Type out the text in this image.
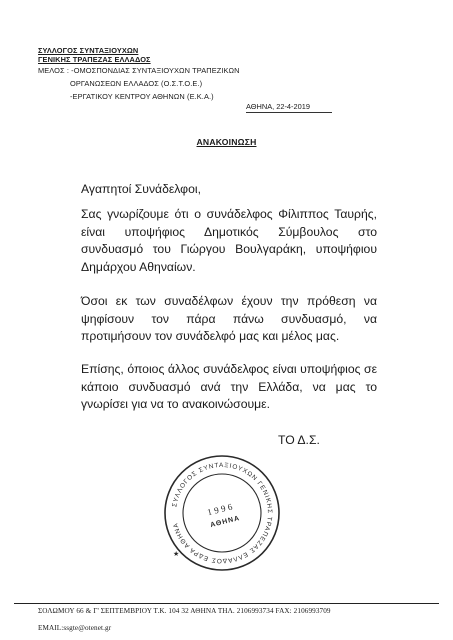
ΣΥΛΛΟΓΟΣ ΣΥΝΤΑΞΙΟΥΧΩΝ
ΓΕΝΙΚΗΣ ΤΡΑΠΕΖΑΣ ΕΛΛΑΔΟΣ
ΜΕΛΟΣ : -ΟΜΟΣΠΟΝΔΙΑΣ ΣΥΝΤΑΞΙΟΥΧΩΝ ΤΡΑΠΕΖΙΚΩΝ
ΟΡΓΑΝΩΣΕΩΝ ΕΛΛΑΔΟΣ (Ο.Σ.Τ.Ο.Ε.)
-ΕΡΓΑΤΙΚΟΥ ΚΕΝΤΡΟΥ ΑΘΗΝΩΝ (Ε.Κ.Α.)
ΑΘΗΝΑ, 22-4-2019
ΑΝΑΚΟΙΝΩΣΗ
Αγαπητοί Συνάδελφοι,
Σας γνωρίζουμε ότι ο συνάδελφος Φίλιππος Ταυρής, είναι υποψήφιος Δημοτικός Σύμβουλος στο συνδυασμό του Γιώργου Βουλγαράκη, υποψήφιου Δημάρχου Αθηναίων.
Όσοι εκ των συναδέλφων έχουν την πρόθεση να ψηφίσουν τον πάρα πάνω συνδυασμό, να προτιμήσουν τον συνάδελφό μας και μέλος μας.
Επίσης, όποιος άλλος συνάδελφος είναι υποψήφιος σε κάποιο συνδυασμό ανά την Ελλάδα, να μας το γνωρίσει για να το ανακοινώσουμε.
ΤΟ Δ.Σ.
ΣΥΛΛΟΓΟΣ ΣΥΝΤΑΞΙΟΥΧΩΝ ΓΕΝΙΚΗΣ ΤΡΑΠΕΖΑΣ ΕΛΛΑΔΟΣ ΕΔΡΑ ΑΘΗΝΑ
★
1996
ΑΘΗΝΑ
ΣΟΛΩΜΟΥ 66 & Γ' ΣΕΠΤΕΜΒΡΙΟΥ Τ.Κ. 104 32 ΑΘΗΝΑ ΤΗΛ. 2106993734 FAX: 2106993709
EMAIL:ssgte@otenet.gr
